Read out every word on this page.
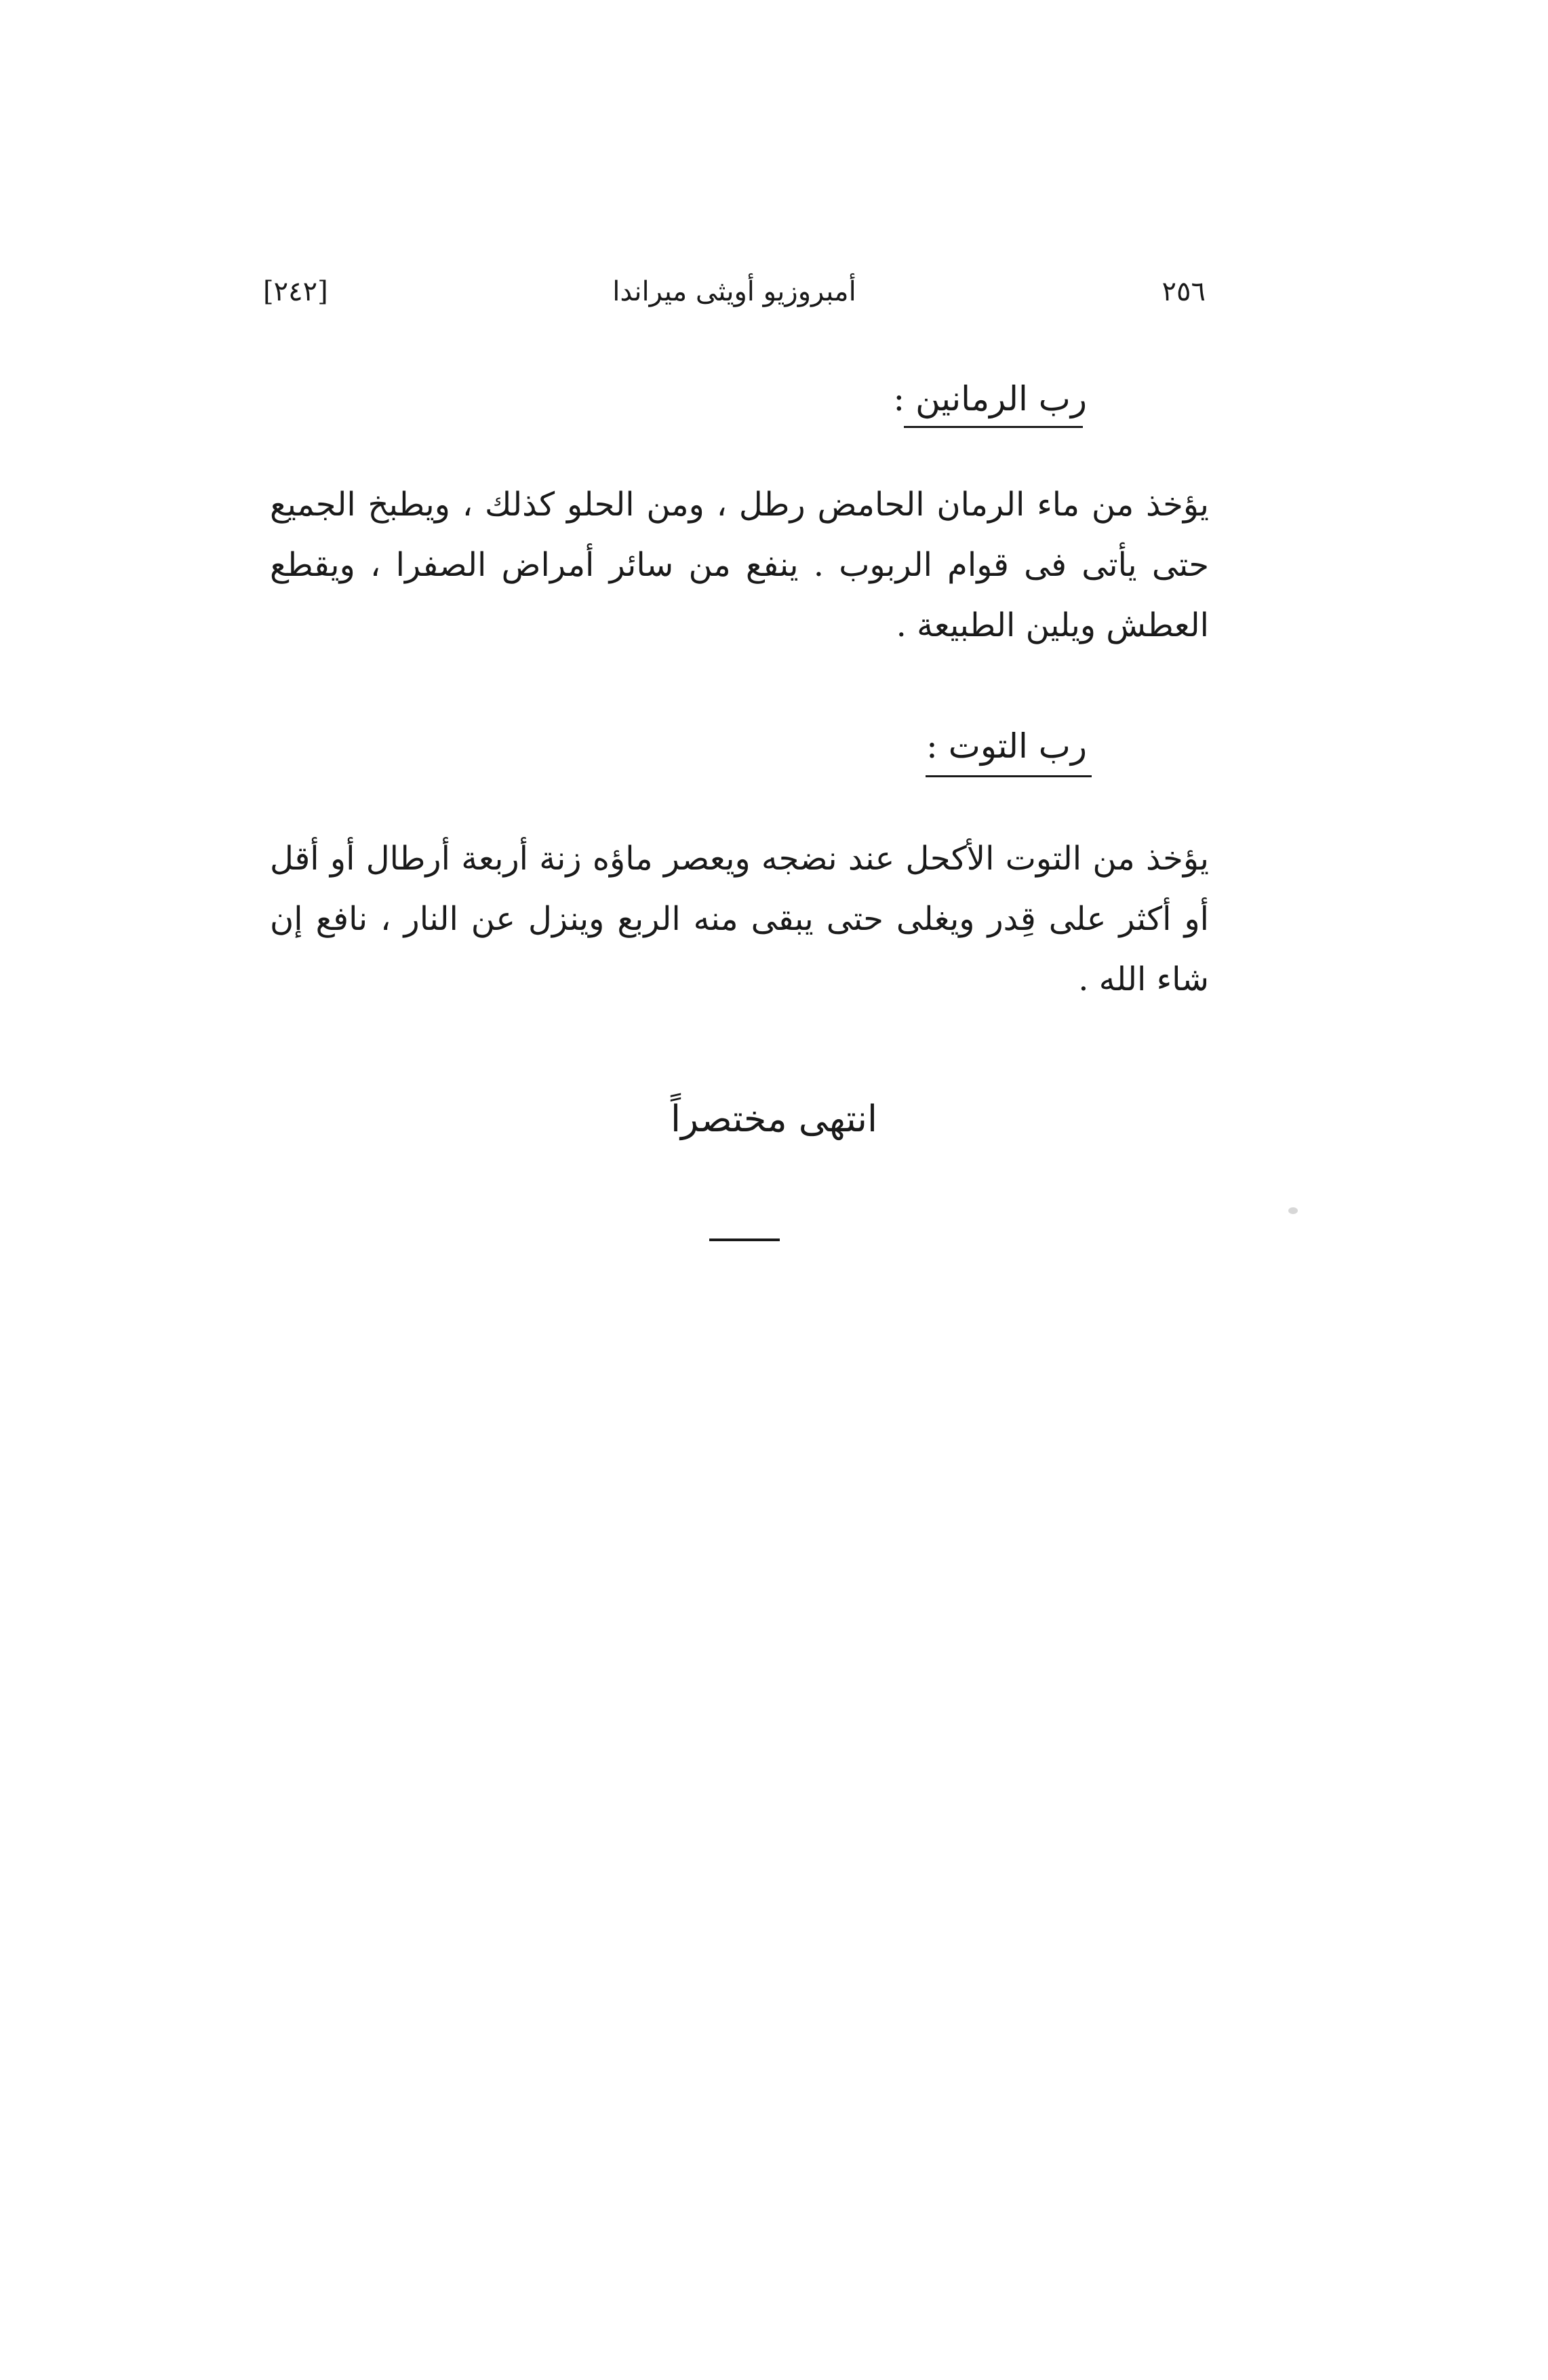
٢٥٦
أمبروزيو أويثى ميراندا
[٢٤٢]
رب الرمانين :

يؤخذ من ماء الرمان الحامض رطل ، ومن الحلو كذلك ، ويطبخ الجميع حتى يأتى فى قوام الربوب . ينفع من سائر أمراض الصفرا ، ويقطع العطش ويلين الطبيعة .

رب التوت :

يؤخذ من التوت الأكحل عند نضجه ويعصر ماؤه زنة أربعة أرطال أو أقل أو أكثر على قِدر ويغلى حتى يبقى منه الربع وينزل عن النار ، نافع إن شاء الله .

انتهى مختصراً
